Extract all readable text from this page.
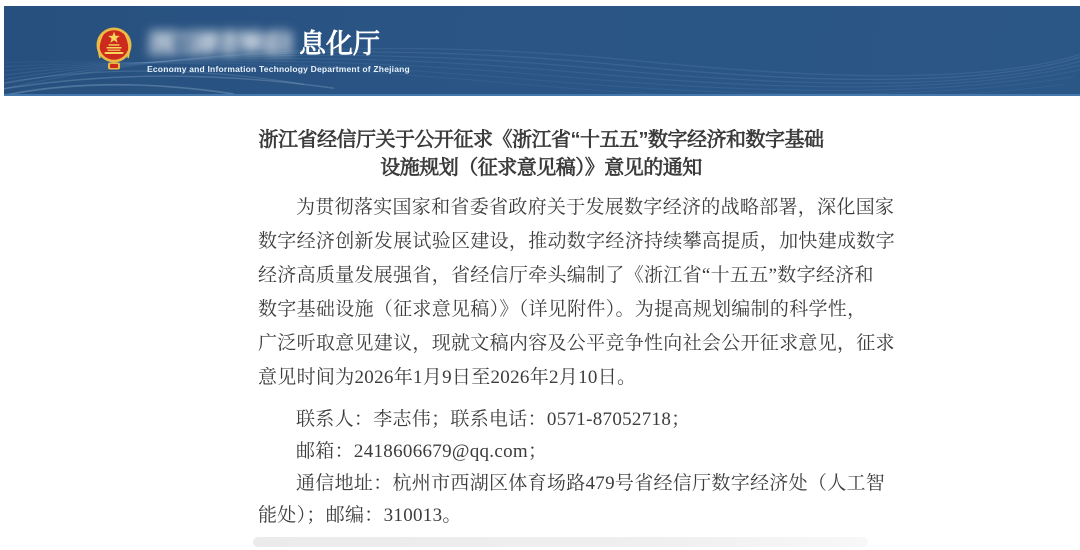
浙江省经济和信 息化厅
Economy and Information Technology Department of Zhejiang
浙江省经信厅关于公开征求《浙江省“十五五”数字经济和数字基础
设施规划（征求意见稿）》意见的通知
为贯彻落实国家和省委省政府关于发展数字经济的战略部署，深化国家
数字经济创新发展试验区建设，推动数字经济持续攀高提质，加快建成数字
经济高质量发展强省，省经信厅牵头编制了《浙江省“十五五”数字经济和
数字基础设施（征求意见稿）》（详见附件）。为提高规划编制的科学性，
广泛听取意见建议，现就文稿内容及公平竞争性向社会公开征求意见，征求
意见时间为2026年1月9日至2026年2月10日。
联系人：李志伟；联系电话：0571-87052718；
邮箱：2418606679@qq.com；
通信地址：杭州市西湖区体育场路479号省经信厅数字经济处（人工智
能处）；邮编：310013。
